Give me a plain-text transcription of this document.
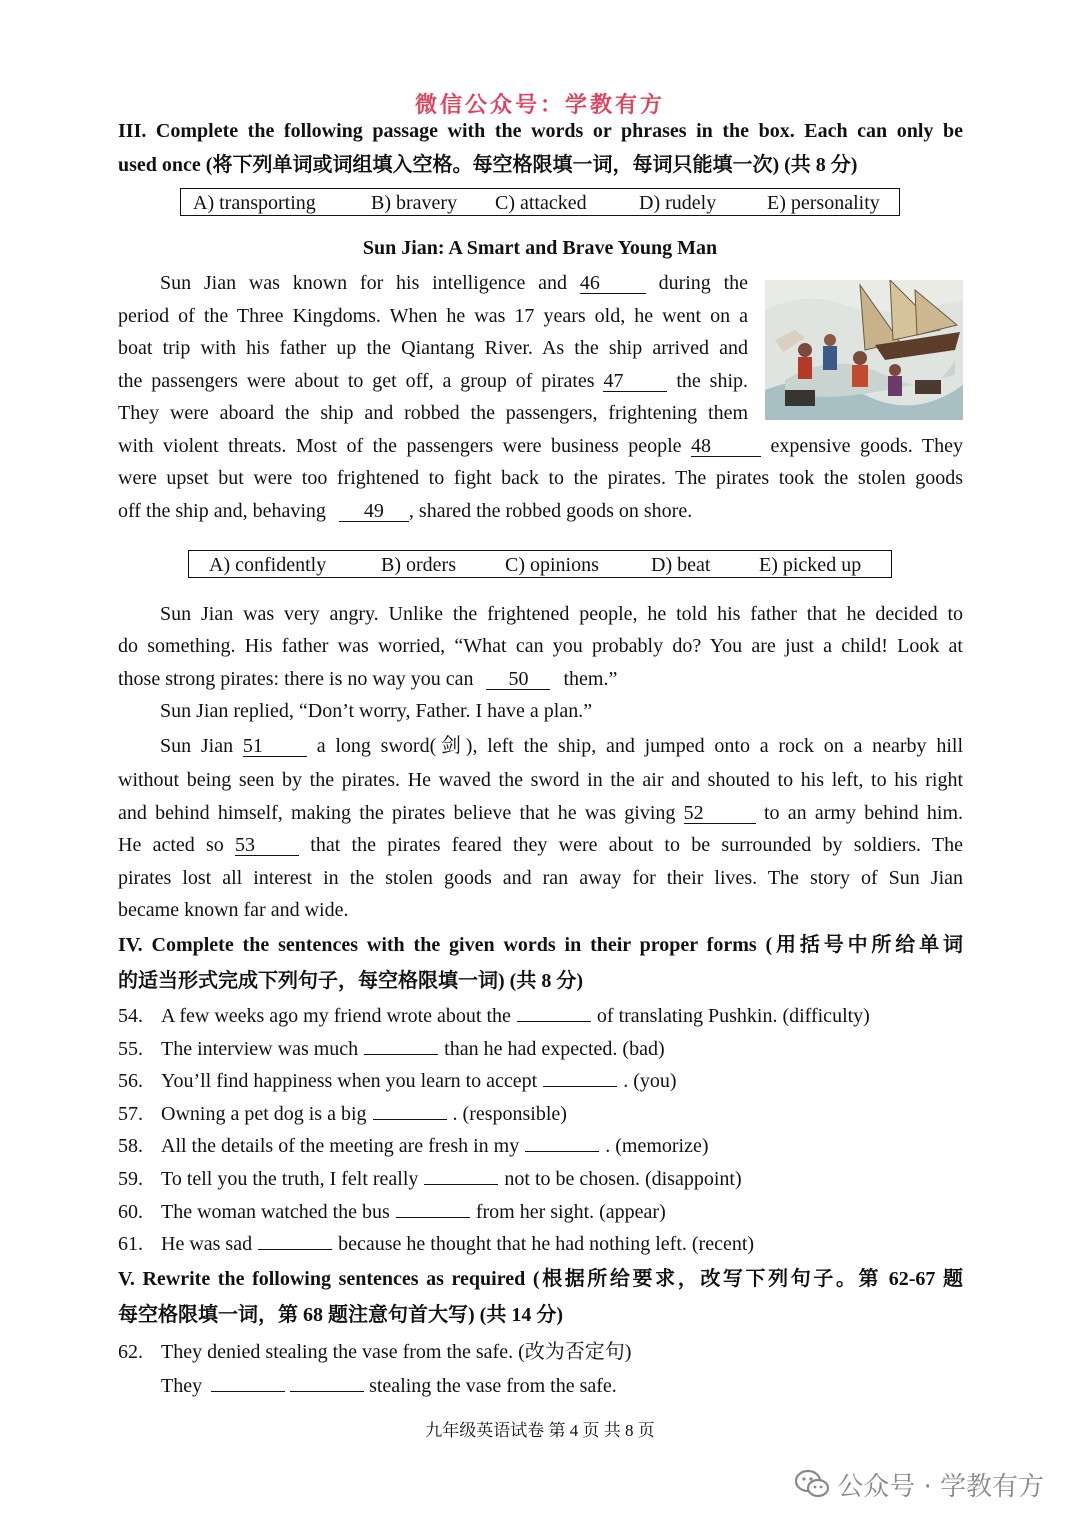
微信公众号：学教有方
III. Complete the following passage with the words or phrases in the box. Each can only be
used once (将下列单词或词组填入空格。每空格限填一词，每词只能填一次) (共 8 分)
A) transporting	B) bravery C) attacked	D) rudely	E) personality
Sun Jian: A Smart and Brave Young Man
Sun Jian was known for his intelligence and 46	during the
period of the Three Kingdoms. When he was 17 years old, he went on a
boat trip with his father up the Qiantang River. As the ship arrived and
the passengers were about to get off, a group of pirates 47	the ship.
They were aboard the ship and robbed the passengers, frightening them
with violent threats. Most of the passengers were business people 48	expensive goods. They
were upset but were too frightened to fight back to the pirates. The pirates took the stolen goods
off the ship and, behaving 49 , shared the robbed goods on shore.
A) confidently	B) orders C) opinions	D) beat E) picked up
Sun Jian was very angry. Unlike the frightened people, he told his father that he decided to
do something. His father was worried, “What can you probably do? You are just a child! Look at
those strong pirates: there is no way you can 50 them.”
Sun Jian replied, “Don’t worry, Father. I have a plan.”
Sun Jian 51	a long sword(剑), left the ship, and jumped onto a rock on a nearby hill
without being seen by the pirates. He waved the sword in the air and shouted to his left, to his right
and behind himself, making the pirates believe that he was giving 52	to an army behind him.
He acted so 53	that the pirates feared they were about to be surrounded by soldiers. The
pirates lost all interest in the stolen goods and ran away for their lives. The story of Sun Jian
became known far and wide.
IV. Complete the sentences with the given words in their proper forms (用括号中所给单词
的适当形式完成下列句子，每空格限填一词) (共 8 分)
54. A few weeks ago my friend wrote about the	of translating Pushkin. (difficulty)
55. The interview was much	than he had expected. (bad)
56. You’ll find happiness when you learn to accept	. (you)
57. Owning a pet dog is a big	. (responsible)
58. All the details of the meeting are fresh in my	. (memorize)
59. To tell you the truth, I felt really	not to be chosen. (disappoint)
60. The woman watched the bus	from her sight. (appear)
61. He was sad	because he thought that he had nothing left. (recent)
V. Rewrite the following sentences as required (根据所给要求，改写下列句子。第 62-67 题
每空格限填一词，第 68 题注意句首大写) (共 14 分)
62. They denied stealing the vase from the safe. (改为否定句)
They	stealing the vase from the safe.
九年级英语试卷 第 4 页 共 8 页
公众号 · 学教有方
